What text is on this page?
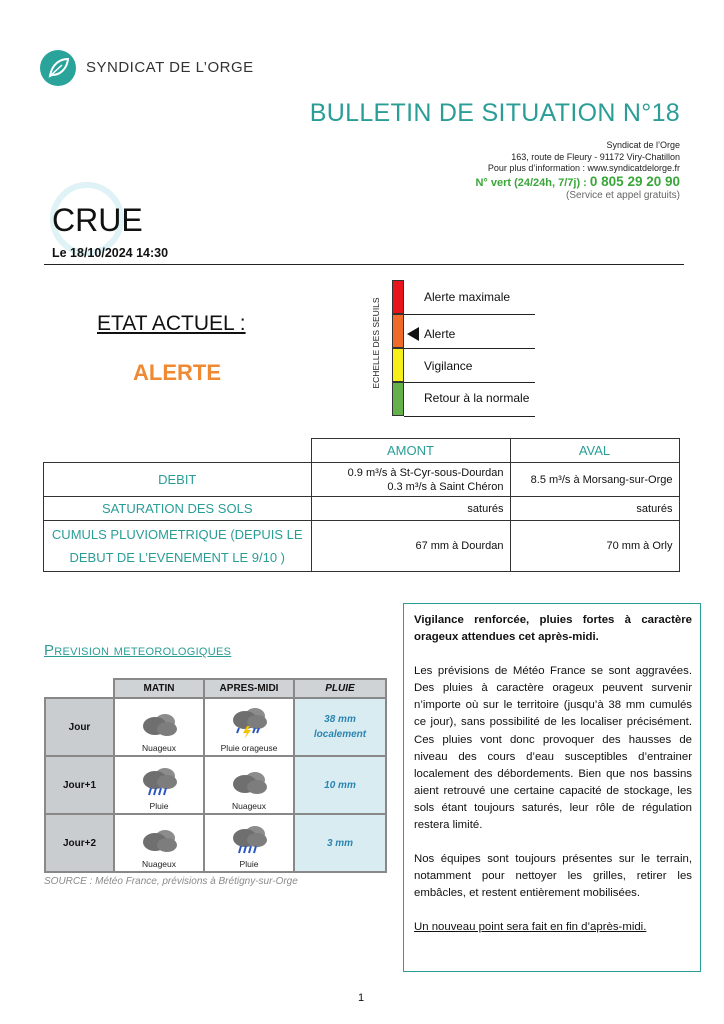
SYNDICAT DE L’ORGE
BULLETIN DE SITUATION N°18
Syndicat de l’Orge
163, route de Fleury - 91172 Viry-Chatillon
Pour plus d’information : www.syndicatdelorge.fr
N° vert (24/24h, 7/7j) : 0 805 29 20 90
(Service et appel gratuits)
CRUE
Le 18/10/2024 14:30
ETAT ACTUEL :
ALERTE	ECHELLE DES SEUILS
Alerte maximale
Alerte
Vigilance
Retour à la normale
	AMONT	AVAL
DEBIT	0.9 m³/s à St-Cyr-sous-Dourdan
0.3 m³/s à Saint Chéron	8.5 m³/s à Morsang-sur-Orge
SATURATION DES SOLS	saturés	saturés
CUMULS PLUVIOMETRIQUE (DEPUIS LE DEBUT DE L’EVENEMENT LE 9/10 )	67 mm à Dourdan	70 mm à Orly
Prevision meteorologiques
	MATIN	APRES-MIDI	PLUIE
Jour	Nuageux	Pluie orageuse	38 mm
localement

Jour+1	Pluie	Nuageux	10 mm

Jour+2	Nuageux	Pluie	3 mm
SOURCE : Météo France, prévisions à Brétigny-sur-Orge

Vigilance renforcée, pluies fortes à caractère orageux attendues cet après-midi.

Les prévisions de Météo France se sont aggravées. Des pluies à caractère orageux peuvent survenir n’importe où sur le territoire (jusqu’à 38 mm cumulés ce jour), sans possibilité de les localiser précisément. Ces pluies vont donc provoquer des hausses de niveau des cours d’eau susceptibles d’entrainer localement des débordements. Bien que nos bassins aient retrouvé une certaine capacité de stockage, les sols étant toujours saturés, leur rôle de régulation restera limité.

Nos équipes sont toujours présentes sur le terrain, notamment pour nettoyer les grilles, retirer les embâcles, et restent entièrement mobilisées.

Un nouveau point sera fait en fin d’après-midi.

1
